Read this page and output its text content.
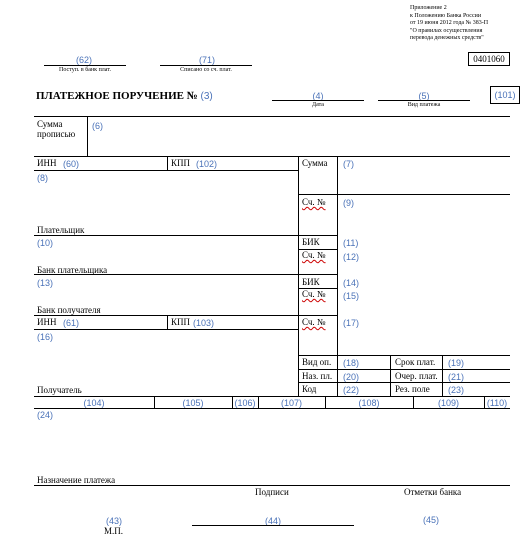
Приложение 2
к Положению Банка России
от 19 июня 2012 года № 383-П
"О правилах осуществления
перевода денежных средств"
0401060
(62)
Поступ. в банк плат.
(71)
Списано со сч. плат.
ПЛАТЕЖНОЕ ПОРУЧЕНИЕ № (3)	(4)
Дата
(5)
Вид платежа
(101)
Сумма
прописью
(6)
ИНН (60)	КПП (102)
(8)
Сумма (7)
Сч. № (9)
Плательщик
(10)	БИК	(11)
Сч. № (12)
Банк плательщика
(13)	БИК	(14)
Сч. № (15)
Банк получателя
ИНН (61)	КПП (103)
(16)
Сч. № (17)
Вид оп. (18)	Срок плат. (19)
Наз. пл. (20)	Очер. плат. (21)
Код	(22)	Рез. поле (23)
Получатель
(104)	(105)	(106)	(107)	(108)	(109)	(110)
(24)
Назначение платежа
Подписи	Отметки банка
(43)
М.П.
(44)	(45)
